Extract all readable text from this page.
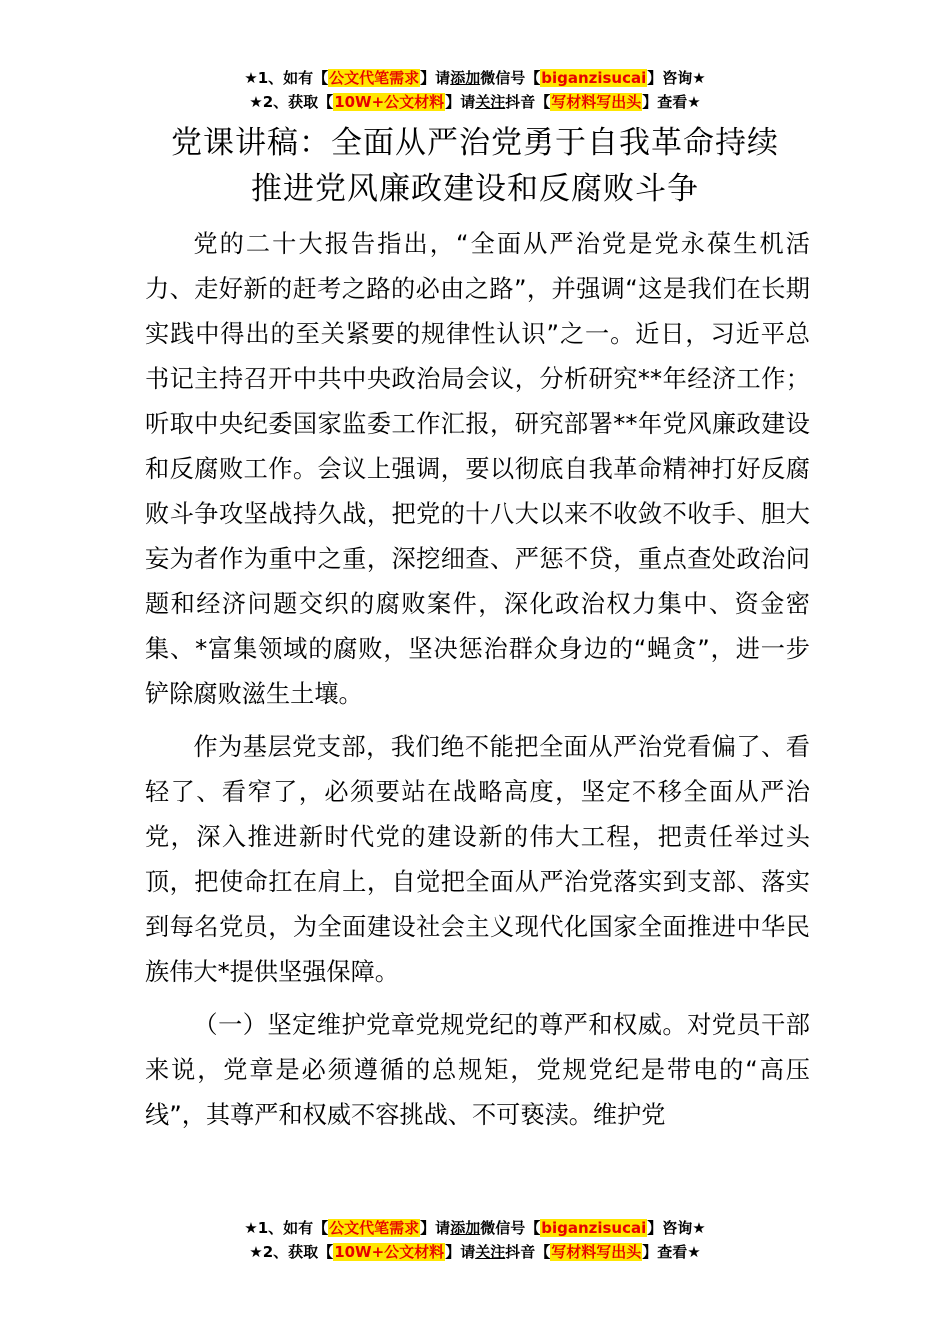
★1、如有【公文代笔需求】请添加微信号【biganzisucai】咨询★
★2、获取【10W+公文材料】请关注抖音【写材料写出头】查看★
党课讲稿：全面从严治党勇于自我革命持续
推进党风廉政建设和反腐败斗争

党的二十大报告指出，“全面从严治党是党永葆生机活力、走好新的赶考之路的必由之路”，并强调“这是我们在长期实践中得出的至关紧要的规律性认识”之一。近日，习近平总书记主持召开中共中央政治局会议，分析研究**年经济工作；听取中央纪委国家监委工作汇报，研究部署**年党风廉政建设和反腐败工作。会议上强调，要以彻底自我革命精神打好反腐败斗争攻坚战持久战，把党的十八大以来不收敛不收手、胆大妄为者作为重中之重，深挖细查、严惩不贷，重点查处政治问题和经济问题交织的腐败案件，深化政治权力集中、资金密集、*富集领域的腐败，坚决惩治群众身边的“蝇贪”，进一步铲除腐败滋生土壤。

作为基层党支部，我们绝不能把全面从严治党看偏了、看轻了、看窄了，必须要站在战略高度，坚定不移全面从严治党，深入推进新时代党的建设新的伟大工程，把责任举过头顶，把使命扛在肩上，自觉把全面从严治党落实到支部、落实到每名党员，为全面建设社会主义现代化国家全面推进中华民族伟大*提供坚强保障。

（一）坚定维护党章党规党纪的尊严和权威。对党员干部来说，党章是必须遵循的总规矩，党规党纪是带电的“高压线”，其尊严和权威不容挑战、不可亵渎。维护党

★1、如有【公文代笔需求】请添加微信号【biganzisucai】咨询★
★2、获取【10W+公文材料】请关注抖音【写材料写出头】查看★
